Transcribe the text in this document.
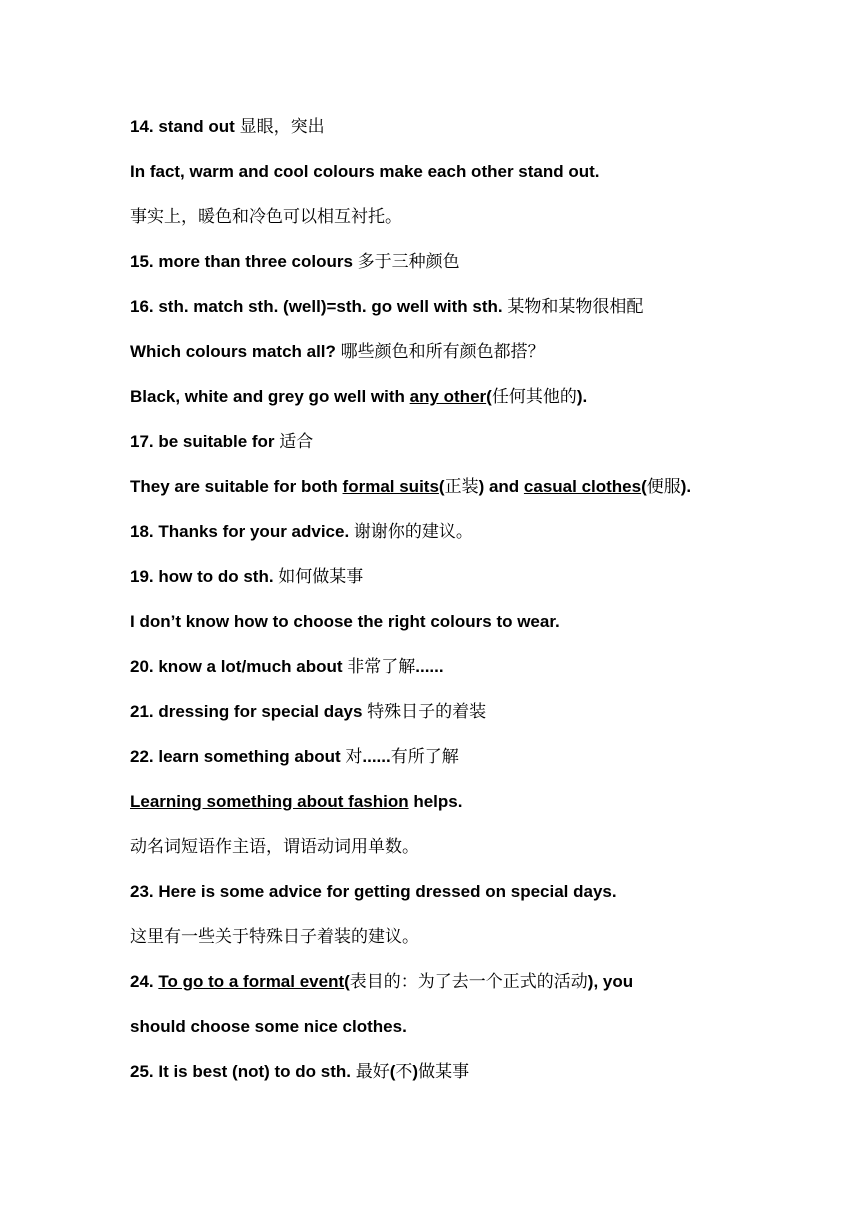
14. stand out 显眼，突出
In fact, warm and cool colours make each other stand out.
事实上，暖色和冷色可以相互衬托。
15. more than three colours 多于三种颜色
16. sth. match sth. (well)=sth. go well with sth. 某物和某物很相配
Which colours match all? 哪些颜色和所有颜色都搭？
Black, white and grey go well with any other(任何其他的).
17. be suitable for 适合
They are suitable for both formal suits(正装) and casual clothes(便服).
18. Thanks for your advice. 谢谢你的建议。
19. how to do sth. 如何做某事
I don’t know how to choose the right colours to wear.
20. know a lot/much about 非常了解......
21. dressing for special days 特殊日子的着装
22. learn something about 对......有所了解
Learning something about fashion helps.
动名词短语作主语，谓语动词用单数。
23. Here is some advice for getting dressed on special days.
这里有一些关于特殊日子着装的建议。
24. To go to a formal event(表目的：为了去一个正式的活动), you
should choose some nice clothes.
25. It is best (not) to do sth. 最好(不)做某事
